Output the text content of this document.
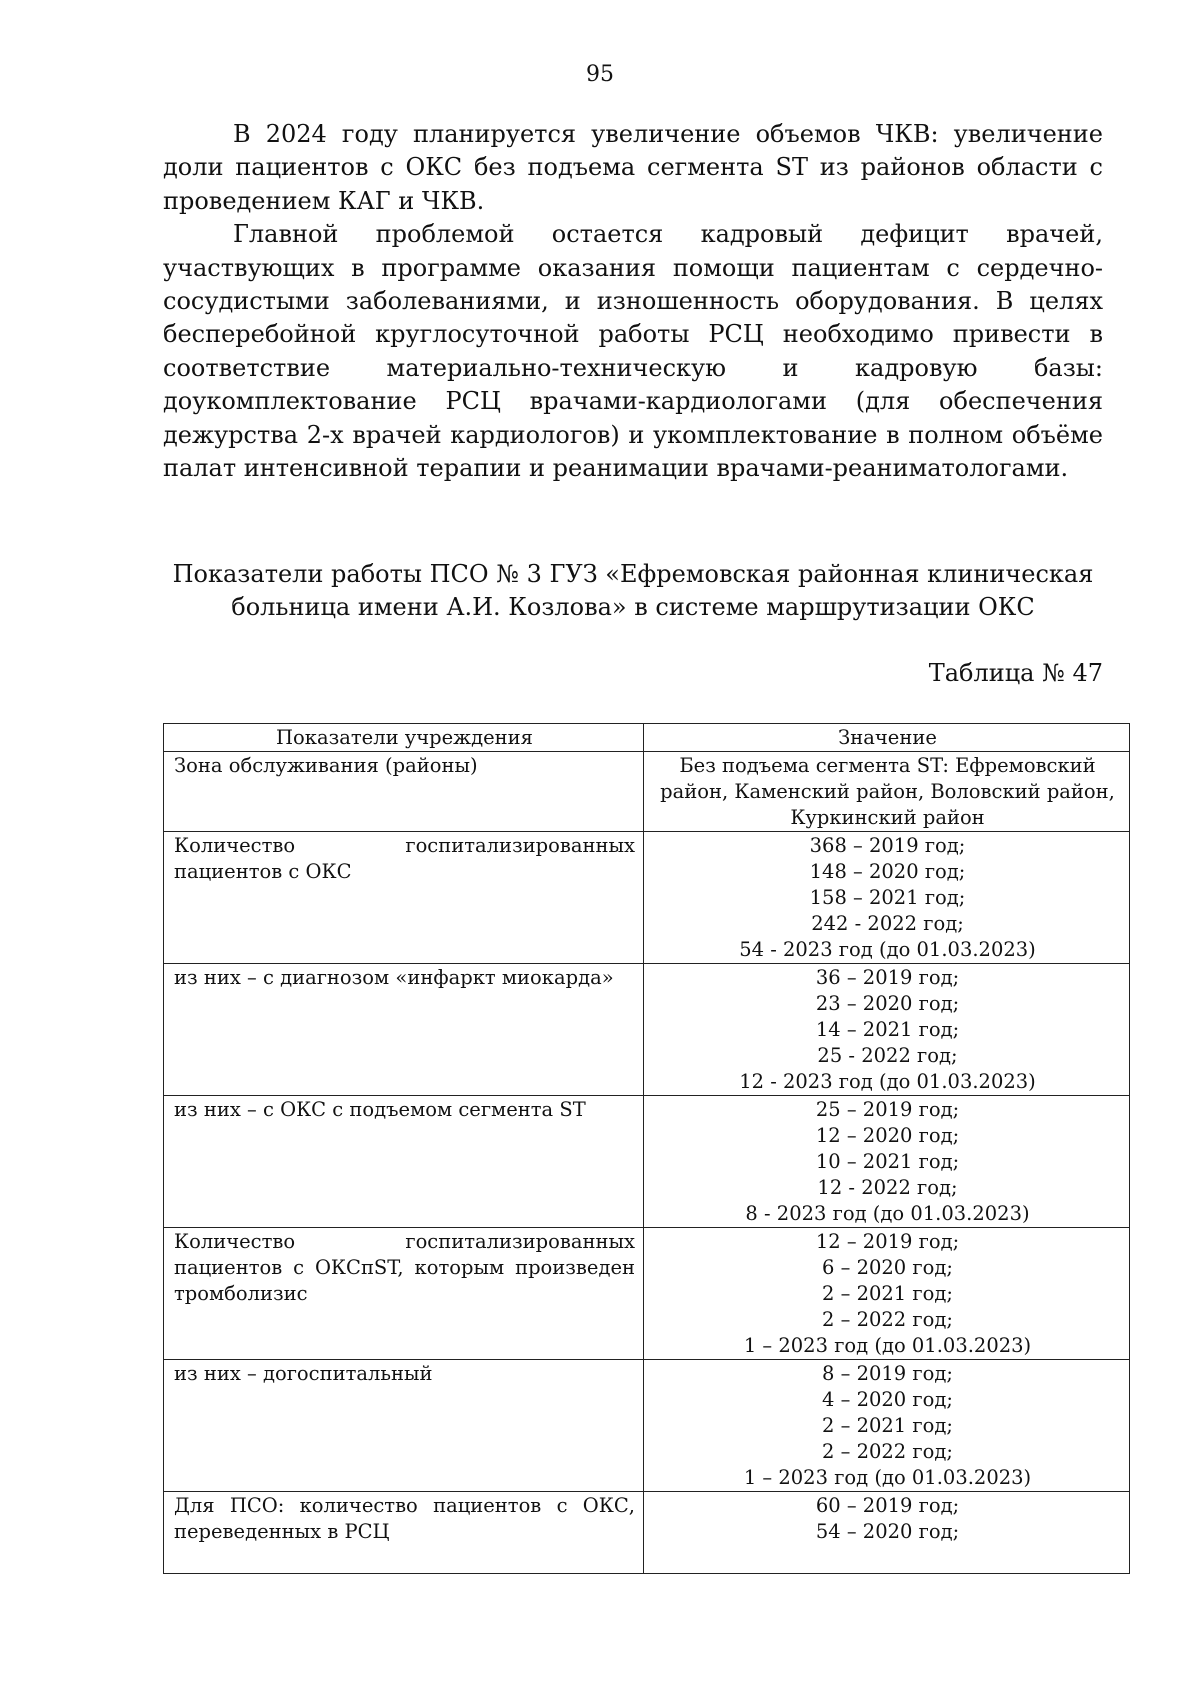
95

В 2024 году планируется увеличение объемов ЧКВ: увеличение доли пациентов с ОКС без подъема сегмента ST из районов области с проведением КАГ и ЧКВ.

Главной проблемой остается кадровый дефицит врачей, участвующих в программе оказания помощи пациентам с сердечно-сосудистыми заболеваниями, и изношенность оборудования. В целях бесперебойной круглосуточной работы РСЦ необходимо привести в соответствие материально-техническую и кадровую базы: доукомплектование РСЦ врачами-кардиологами (для обеспечения дежурства 2-х врачей кардиологов) и укомплектование в полном объёме палат интенсивной терапии и реанимации врачами-реаниматологами.

Показатели работы ПСО № 3 ГУЗ «Ефремовская районная клиническая
больница имени А.И. Козлова» в системе маршрутизации ОКС
Таблица № 47
Показатели учреждения	Значение
Зона обслуживания (районы)	Без подъема сегмента ST: Ефремовский район, Каменский район, Воловский район, Куркинский район

Количество госпитализированных пациентов с ОКС	368 – 2019 год;
148 – 2020 год;
158 – 2021 год;
242 - 2022 год;
54 - 2023 год (до 01.03.2023)

из них – с диагнозом «инфаркт миокарда»	36 – 2019 год;
23 – 2020 год;
14 – 2021 год;
25 - 2022 год;
12 - 2023 год (до 01.03.2023)

из них – с ОКС с подъемом сегмента ST	25 – 2019 год;
12 – 2020 год;
10 – 2021 год;
12 - 2022 год;
8 - 2023 год (до 01.03.2023)

Количество госпитализированных пациентов с ОКСпST, которым произведен тромболизис	12 – 2019 год;
6 – 2020 год;
2 – 2021 год;
2 – 2022 год;
1 – 2023 год (до 01.03.2023)

из них – догоспитальный	8 – 2019 год;
4 – 2020 год;
2 – 2021 год;
2 – 2022 год;
1 – 2023 год (до 01.03.2023)

Для ПСО: количество пациентов с ОКС, переведенных в РСЦ	60 – 2019 год;
54 – 2020 год;
